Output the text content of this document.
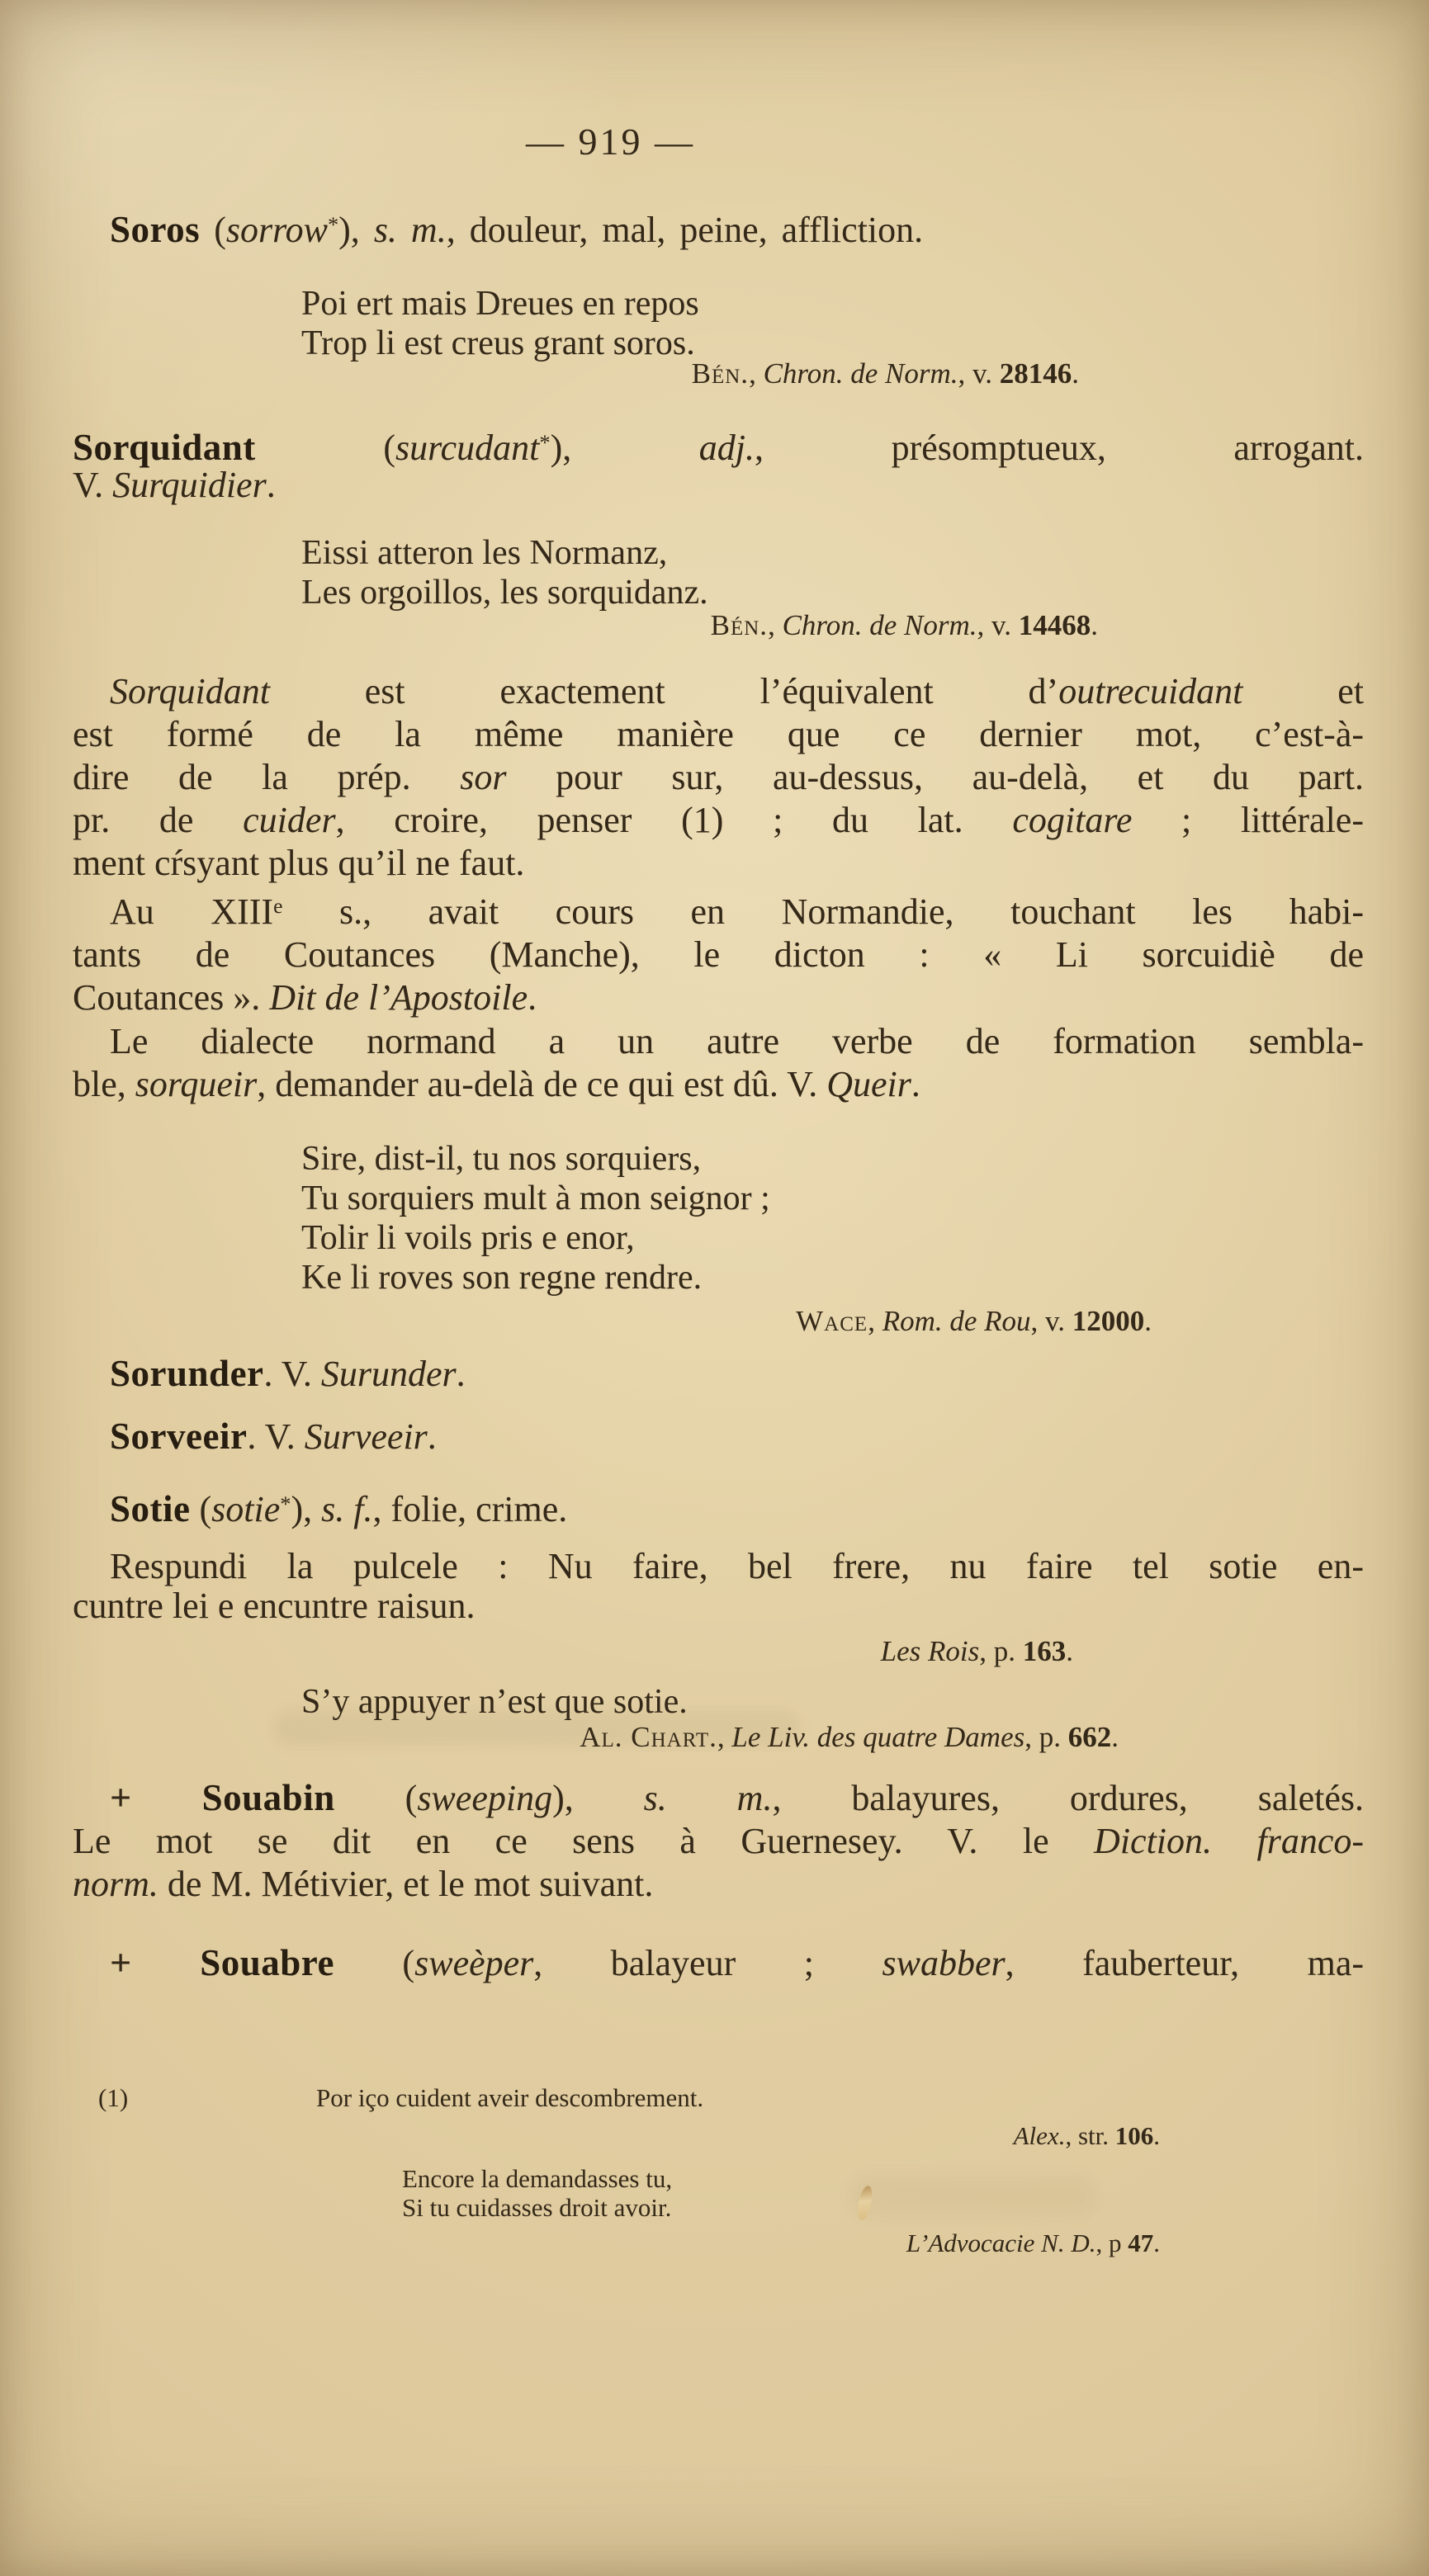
— 919 —
Soros (sorrow*), s. m., douleur, mal, peine, affliction.
Poi ert mais Dreues en repos
Trop li est creus grant soros.
Bén., Chron. de Norm., v. 28146.
Sorquidant (surcudant*), adj., présomptueux, arrogant.
V. Surquidier.
Eissi atteron les Normanz,
Les orgoillos, les sorquidanz.
Bén., Chron. de Norm., v. 14468.
Sorquidant est exactement l’équivalent d’outrecuidant et
est formé de la même manière que ce dernier mot, c’est-à-
dire de la prép. sor pour sur, au-dessus, au-delà, et du part.
pr. de cuider, croire, penser (1) ; du lat. cogitare ; littérale-
ment cŕsyant plus qu’il ne faut.
Au XIIIe s., avait cours en Normandie, touchant les habi-
tants de Coutances (Manche), le dicton : « Li sorcuidiè de
Coutances ». Dit de l’Apostoile.
Le dialecte normand a un autre verbe de formation sembla-
ble, sorqueir, demander au-delà de ce qui est dû. V. Queir.
Sire, dist-il, tu nos sorquiers,
Tu sorquiers mult à mon seignor ;
Tolir li voils pris e enor,
Ke li roves son regne rendre.
Wace, Rom. de Rou, v. 12000.
Sorunder. V. Surunder.
Sorveeir. V. Surveeir.
Sotie (sotie*), s. f., folie, crime.
Respundi la pulcele : Nu faire, bel frere, nu faire tel sotie en-
cuntre lei e encuntre raisun.
Les Rois, p. 163.
S’y appuyer n’est que sotie.
Al. Chart., Le Liv. des quatre Dames, p. 662.
+ Souabin (sweeping), s. m., balayures, ordures, saletés.
Le mot se dit en ce sens à Guernesey. V. le Diction. franco-
norm. de M. Métivier, et le mot suivant.
+ Souabre (sweèper, balayeur ; swabber, fauberteur, ma-
(1)	Por iço cuident aveir descombrement.
Alex., str. 106.
Encore la demandasses tu,
Si tu cuidasses droit avoir.
L’Advocacie N. D., p 47.
